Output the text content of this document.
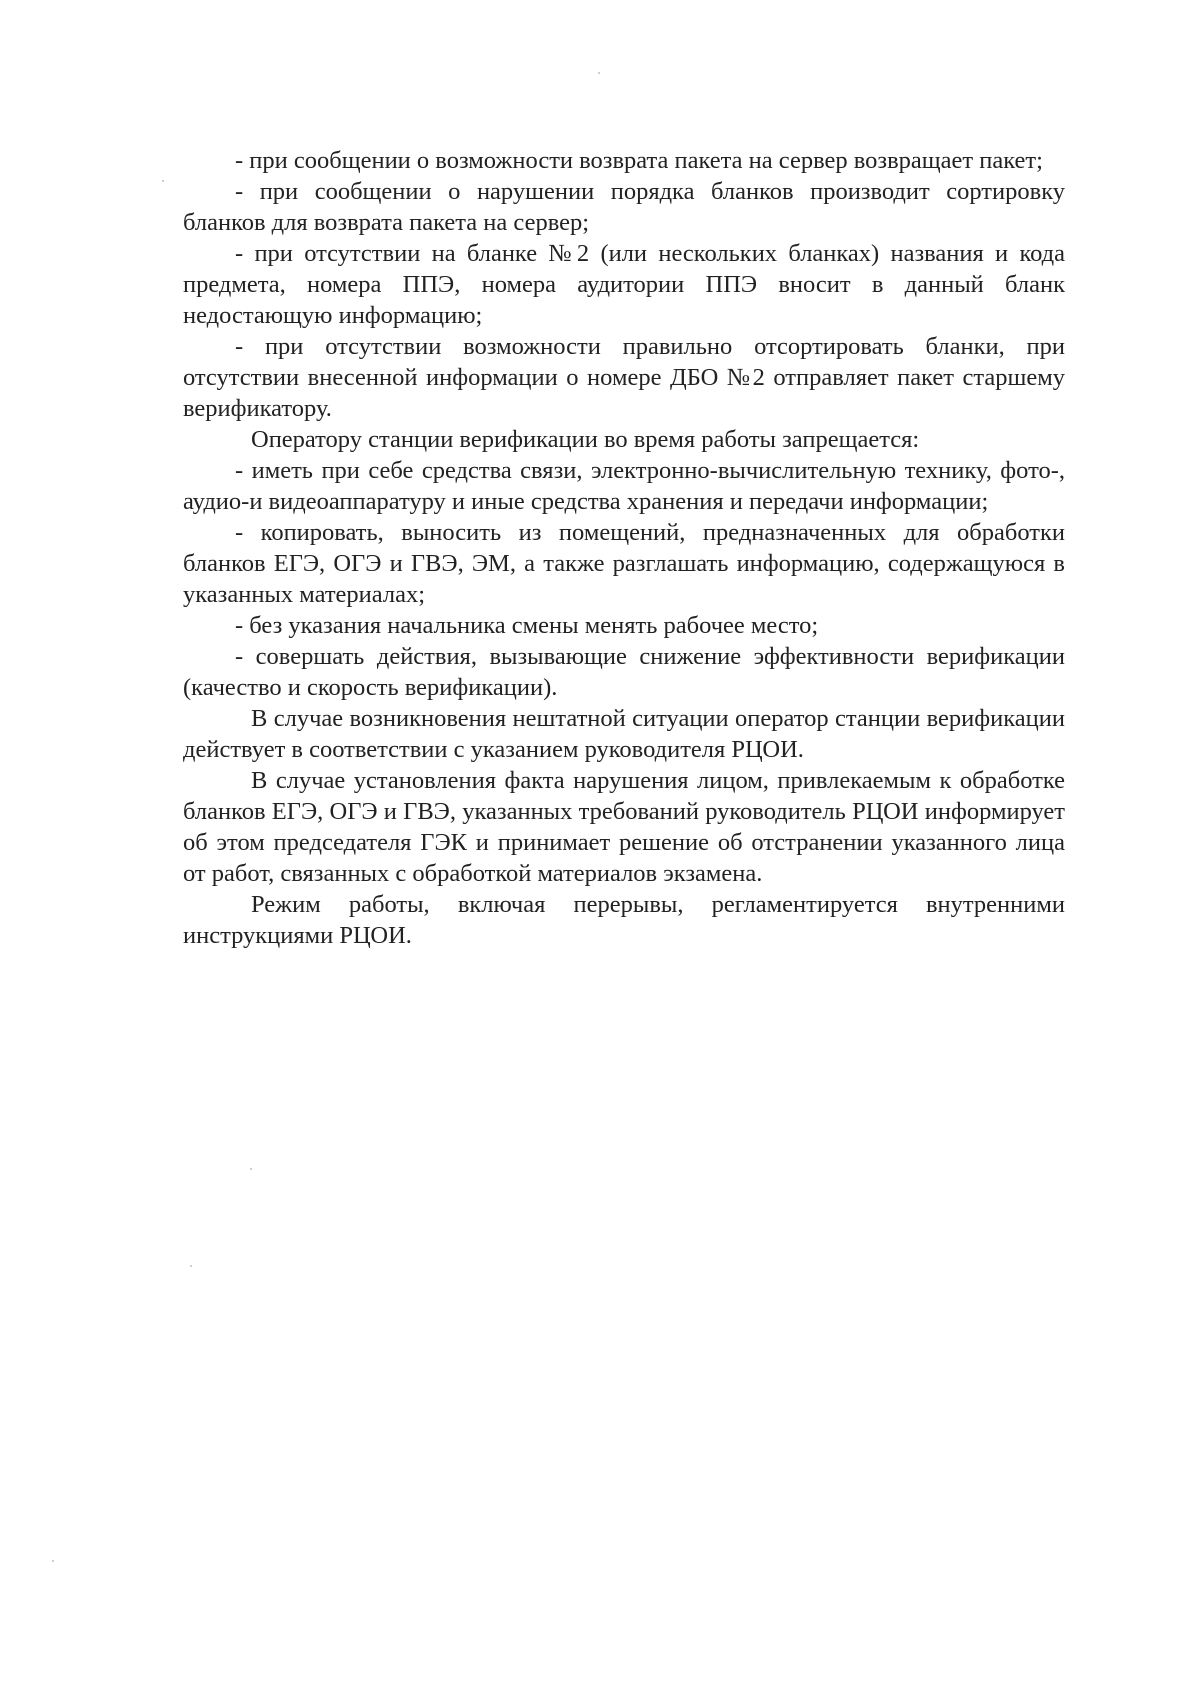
- при сообщении о возможности возврата пакета на сервер возвращает пакет;

- при сообщении о нарушении порядка бланков производит сортировку бланков для возврата пакета на сервер;

- при отсутствии на бланке №2 (или нескольких бланках) названия и кода предмета, номера ППЭ, номера аудитории ППЭ вносит в данный бланк недостающую информацию;

- при отсутствии возможности правильно отсортировать бланки, при отсутствии внесенной информации о номере ДБО №2 отправляет пакет старшему верификатору.

Оператору станции верификации во время работы запрещается:

- иметь при себе средства связи, электронно-вычислительную технику, фото-, аудио-и видеоаппаратуру и иные средства хранения и передачи информации;

- копировать, выносить из помещений, предназначенных для обработки бланков ЕГЭ, ОГЭ и ГВЭ, ЭМ, а также разглашать информацию, содержащуюся в указанных материалах;

- без указания начальника смены менять рабочее место;

- совершать действия, вызывающие снижение эффективности верификации (качество и скорость верификации).

В случае возникновения нештатной ситуации оператор станции верификации действует в соответствии с указанием руководителя РЦОИ.

В случае установления факта нарушения лицом, привлекаемым к обработке бланков ЕГЭ, ОГЭ и ГВЭ, указанных требований руководитель РЦОИ информирует об этом председателя ГЭК и принимает решение об отстранении указанного лица от работ, связанных с обработкой материалов экзамена.

Режим работы, включая перерывы, регламентируется внутренними инструкциями РЦОИ.
